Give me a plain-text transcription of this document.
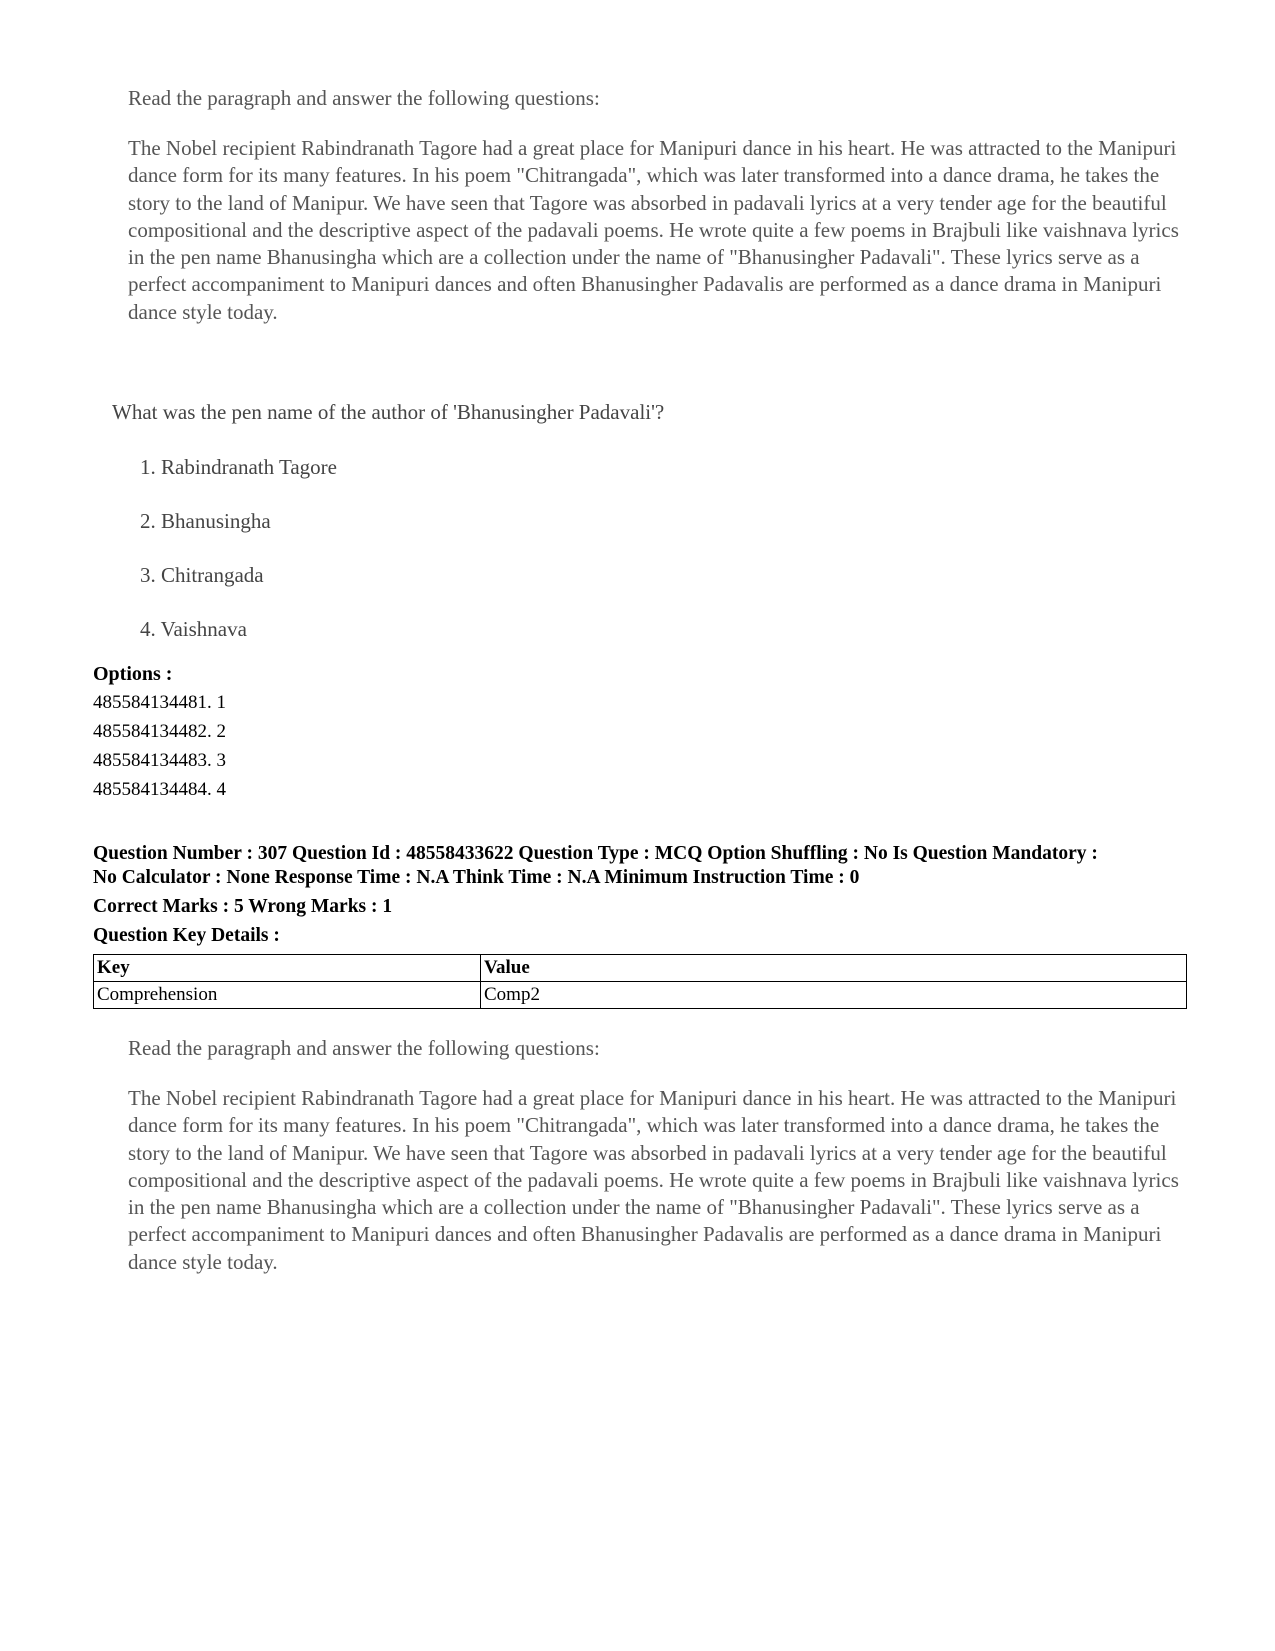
Read the paragraph and answer the following questions:

The Nobel recipient Rabindranath Tagore had a great place for Manipuri dance in his heart. He was attracted to the Manipuri dance form for its many features. In his poem "Chitrangada", which was later transformed into a dance drama, he takes the story to the land of Manipur. We have seen that Tagore was absorbed in padavali lyrics at a very tender age for the beautiful compositional and the descriptive aspect of the padavali poems. He wrote quite a few poems in Brajbuli like vaishnava lyrics in the pen name Bhanusingha which are a collection under the name of "Bhanusingher Padavali". These lyrics serve as a perfect accompaniment to Manipuri dances and often Bhanusingher Padavalis are performed as a dance drama in Manipuri dance style today.

What was the pen name of the author of 'Bhanusingher Padavali'?
1. Rabindranath Tagore
2. Bhanusingha
3. Chitrangada
4. Vaishnava
Options :
485584134481. 1
485584134482. 2
485584134483. 3
485584134484. 4
Question Number : 307 Question Id : 48558433622 Question Type : MCQ Option Shuffling : No Is Question Mandatory :
No Calculator : None Response Time : N.A Think Time : N.A Minimum Instruction Time : 0
Correct Marks : 5 Wrong Marks : 1
Question Key Details :
Key	Value
Comprehension	Comp2

Read the paragraph and answer the following questions:

The Nobel recipient Rabindranath Tagore had a great place for Manipuri dance in his heart. He was attracted to the Manipuri dance form for its many features. In his poem "Chitrangada", which was later transformed into a dance drama, he takes the story to the land of Manipur. We have seen that Tagore was absorbed in padavali lyrics at a very tender age for the beautiful compositional and the descriptive aspect of the padavali poems. He wrote quite a few poems in Brajbuli like vaishnava lyrics in the pen name Bhanusingha which are a collection under the name of "Bhanusingher Padavali". These lyrics serve as a perfect accompaniment to Manipuri dances and often Bhanusingher Padavalis are performed as a dance drama in Manipuri dance style today.
